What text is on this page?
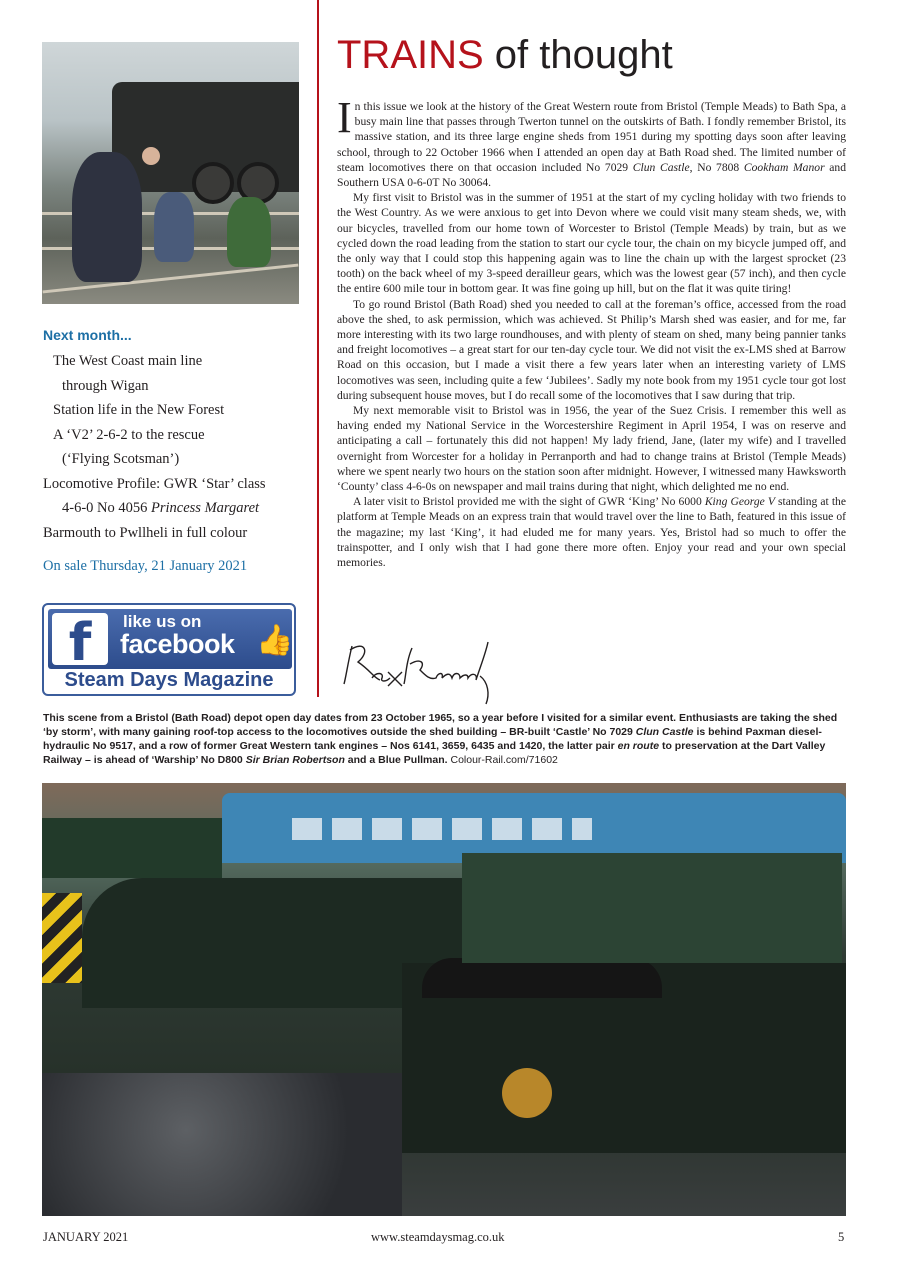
Next month...
The West Coast main line
through Wigan
Station life in the New Forest
A ‘V2’ 2-6-2 to the rescue
(‘Flying Scotsman’)
Locomotive Profile: GWR ‘Star’ class
4-6-0 No 4056 Princess Margaret
Barmouth to Pwllheli in full colour
On sale Thursday, 21 January 2021
f	like us on
facebook 👍
Steam Days Magazine
TRAINS of thought

In this issue we look at the history of the Great Western route from Bristol (Temple Meads) to Bath Spa, a busy main line that passes through Twerton tunnel on the outskirts of Bath. I fondly remember Bristol, its massive station, and its three large engine sheds from 1951 during my spotting days soon after leaving school, through to 22 October 1966 when I attended an open day at Bath Road shed. The limited number of steam locomotives there on that occasion included No 7029 Clun Castle, No 7808 Cookham Manor and Southern USA 0-6-0T No 30064.

My first visit to Bristol was in the summer of 1951 at the start of my cycling holiday with two friends to the West Country. As we were anxious to get into Devon where we could visit many steam sheds, we, with our bicycles, travelled from our home town of Worcester to Bristol (Temple Meads) by train, but as we cycled down the road leading from the station to start our cycle tour, the chain on my bicycle jumped off, and the only way that I could stop this happening again was to line the chain up with the largest sprocket (23 tooth) on the back wheel of my 3-speed derailleur gears, which was the lowest gear (57 inch), and then cycle the entire 600 mile tour in bottom gear. It was fine going up hill, but on the flat it was quite tiring!

To go round Bristol (Bath Road) shed you needed to call at the foreman’s office, accessed from the road above the shed, to ask permission, which was achieved. St Philip’s Marsh shed was easier, and for me, far more interesting with its two large roundhouses, and with plenty of steam on shed, many being pannier tanks and freight locomotives – a great start for our ten-day cycle tour. We did not visit the ex-LMS shed at Barrow Road on this occasion, but I made a visit there a few years later when an interesting variety of LMS locomotives was seen, including quite a few ‘Jubilees’. Sadly my note book from my 1951 cycle tour got lost during subsequent house moves, but I do recall some of the locomotives that I saw during that trip.

My next memorable visit to Bristol was in 1956, the year of the Suez Crisis. I remember this well as having ended my National Service in the Worcestershire Regiment in April 1954, I was on reserve and anticipating a call – fortunately this did not happen! My lady friend, Jane, (later my wife) and I travelled overnight from Worcester for a holiday in Perranporth and had to change trains at Bristol (Temple Meads) where we spent nearly two hours on the station soon after midnight. However, I witnessed many Hawksworth ‘County’ class 4-6-0s on newspaper and mail trains during that night, which delighted me no end.

A later visit to Bristol provided me with the sight of GWR ‘King’ No 6000 King George V standing at the platform at Temple Meads on an express train that would travel over the line to Bath, featured in this issue of the magazine; my last ‘King’, it had eluded me for many years. Yes, Bristol had so much to offer the trainspotter, and I only wish that I had gone there more often. Enjoy your read and your own special memories.

This scene from a Bristol (Bath Road) depot open day dates from 23 October 1965, so a year before I visited for a similar event. Enthusiasts are taking the shed ‘by storm’, with many gaining roof-top access to the locomotives outside the shed building – BR-built ‘Castle’ No 7029 Clun Castle is behind Paxman diesel-hydraulic No 9517, and a row of former Great Western tank engines – Nos 6141, 3659, 6435 and 1420, the latter pair en route to preservation at the Dart Valley Railway – is ahead of ‘Warship’ No D800 Sir Brian Robertson and a Blue Pullman. Colour-Rail.com/71602
JANUARY 2021	www.steamdaysmag.co.uk	5
